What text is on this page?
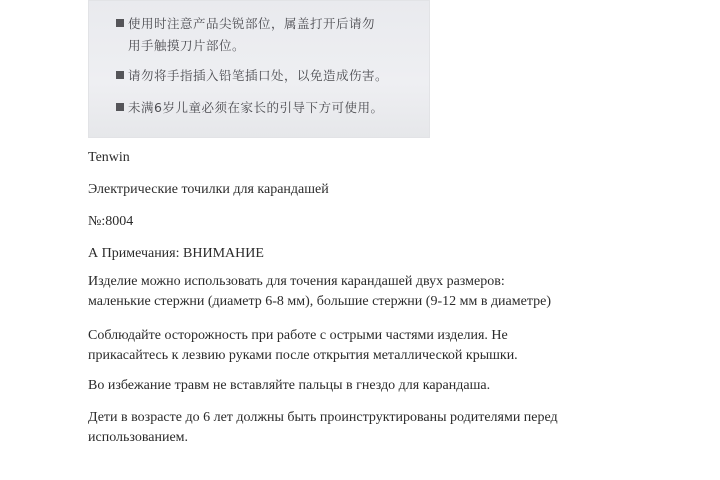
使用时注意产品尖锐部位，属盖打开后请勿
用手触摸刀片部位。
请勿将手指插入铅笔插口处，以免造成伤害。
未满6岁儿童必须在家长的引导下方可使用。
Tenwin
Электрические точилки для карандашей
№:8004
А Примечания: ВНИМАНИЕ
Изделие можно использовать для точения карандашей двух размеров:
маленькие стержни (диаметр 6-8 мм), большие стержни (9-12 мм в диаметре)
Соблюдайте осторожность при работе с острыми частями изделия. Не
прикасайтесь к лезвию руками после открытия металлической крышки.
Во избежание травм не вставляйте пальцы в гнездо для карандаша.
Дети в возрасте до 6 лет должны быть проинструктированы родителями перед
использованием.
